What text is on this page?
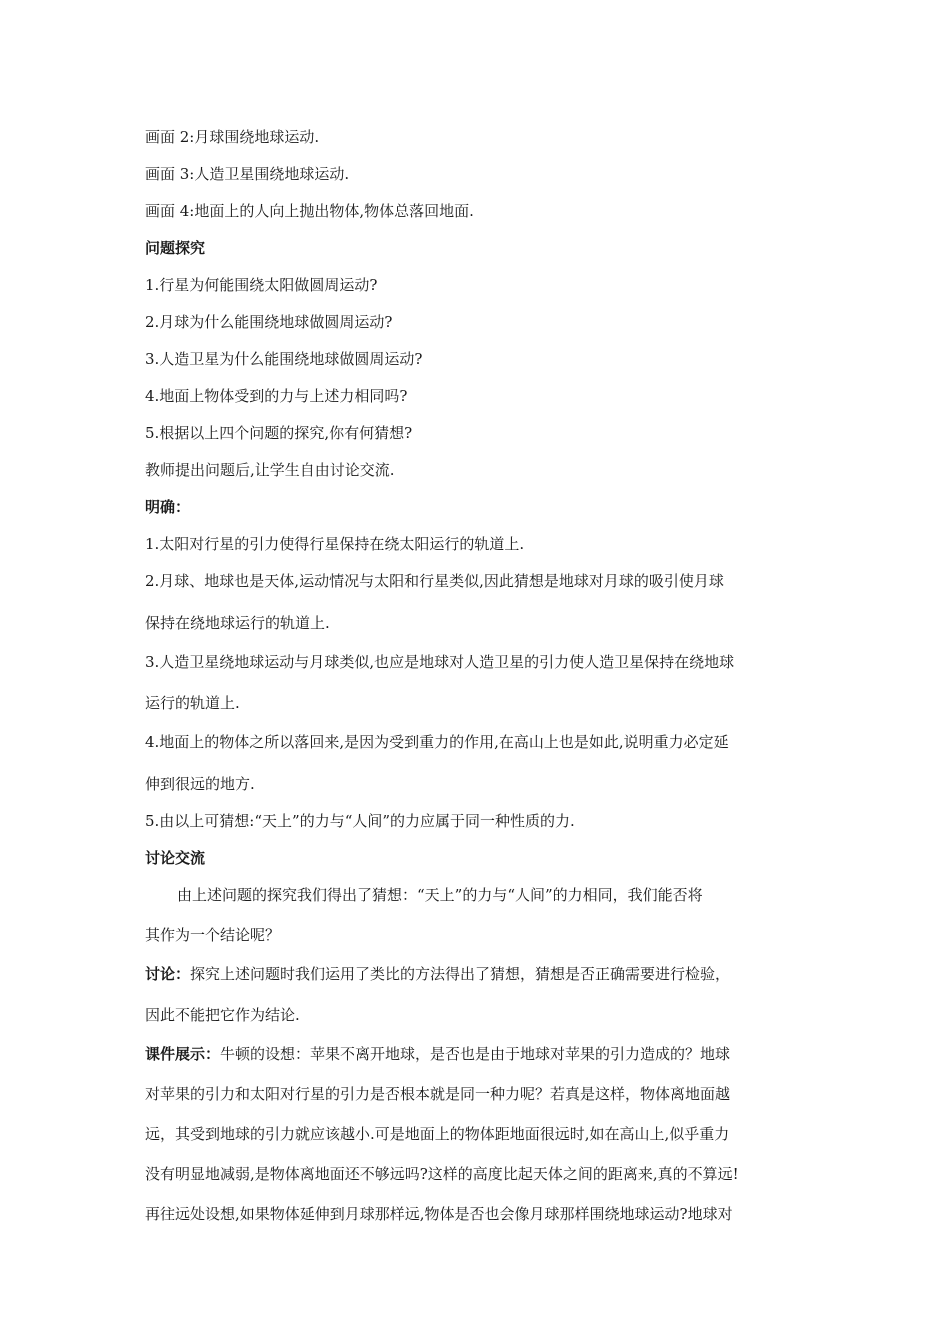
画面 2:月球围绕地球运动.
画面 3:人造卫星围绕地球运动.
画面 4:地面上的人向上抛出物体,物体总落回地面.
问题探究
1.行星为何能围绕太阳做圆周运动?
2.月球为什么能围绕地球做圆周运动?
3.人造卫星为什么能围绕地球做圆周运动?
4.地面上物体受到的力与上述力相同吗?
5.根据以上四个问题的探究,你有何猜想?
教师提出问题后,让学生自由讨论交流.
明确：
1.太阳对行星的引力使得行星保持在绕太阳运行的轨道上.
2.月球、地球也是天体,运动情况与太阳和行星类似,因此猜想是地球对月球的吸引使月球
保持在绕地球运行的轨道上.
3.人造卫星绕地球运动与月球类似,也应是地球对人造卫星的引力使人造卫星保持在绕地球
运行的轨道上.
4.地面上的物体之所以落回来,是因为受到重力的作用,在高山上也是如此,说明重力必定延
伸到很远的地方.
5.由以上可猜想:“天上”的力与“人间”的力应属于同一种性质的力.
讨论交流
由上述问题的探究我们得出了猜想：“天上”的力与“人间”的力相同，我们能否将
其作为一个结论呢？
讨论：探究上述问题时我们运用了类比的方法得出了猜想，猜想是否正确需要进行检验，
因此不能把它作为结论.
课件展示：牛顿的设想：苹果不离开地球，是否也是由于地球对苹果的引力造成的？地球
对苹果的引力和太阳对行星的引力是否根本就是同一种力呢？若真是这样，物体离地面越
远，其受到地球的引力就应该越小.可是地面上的物体距地面很远时,如在高山上,似乎重力
没有明显地减弱,是物体离地面还不够远吗?这样的高度比起天体之间的距离来,真的不算远!
再往远处设想,如果物体延伸到月球那样远,物体是否也会像月球那样围绕地球运动?地球对
